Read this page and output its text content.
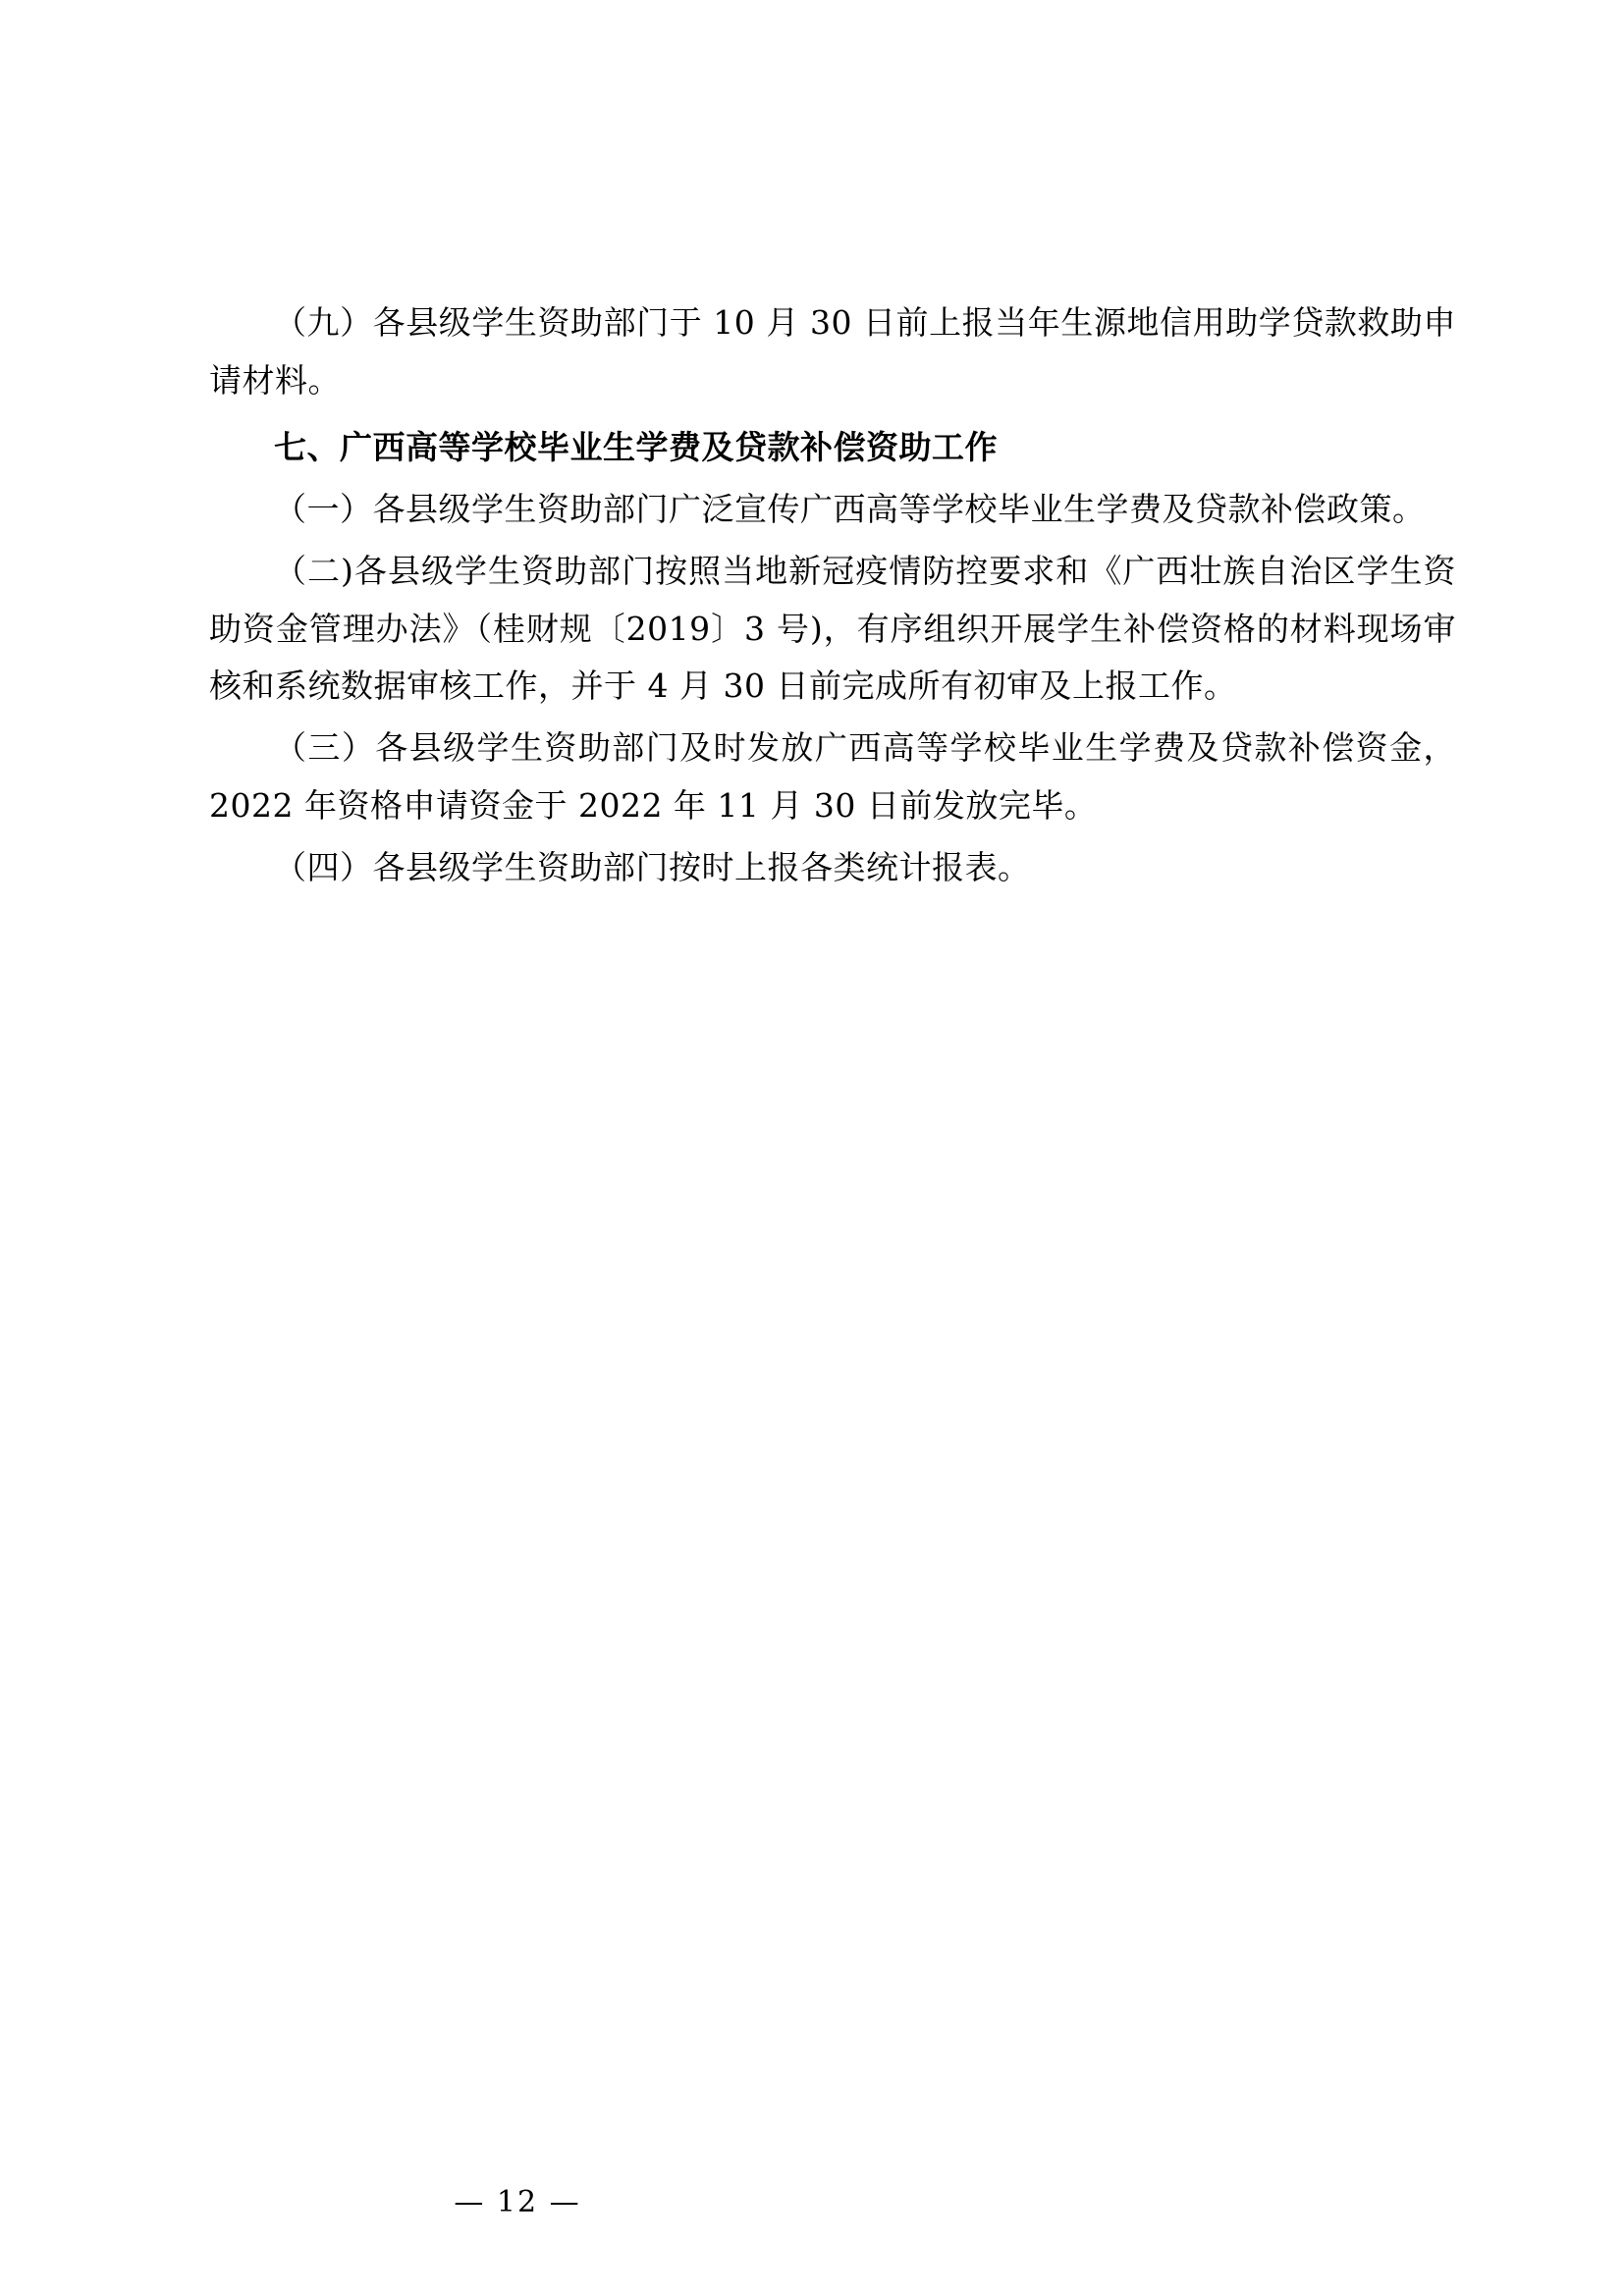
（九）各县级学生资助部门于 10 月 30 日前上报当年生源地信用助学贷款救助申请材料。

七、广西高等学校毕业生学费及贷款补偿资助工作

（一）各县级学生资助部门广泛宣传广西高等学校毕业生学费及贷款补偿政策。

（二)各县级学生资助部门按照当地新冠疫情防控要求和《广西壮族自治区学生资助资金管理办法》（桂财规〔2019〕3 号)，有序组织开展学生补偿资格的材料现场审核和系统数据审核工作，并于 4 月 30 日前完成所有初审及上报工作。

（三）各县级学生资助部门及时发放广西高等学校毕业生学费及贷款补偿资金， 2022 年资格申请资金于 2022 年 11 月 30 日前发放完毕。

（四）各县级学生资助部门按时上报各类统计报表。

— 12 —
